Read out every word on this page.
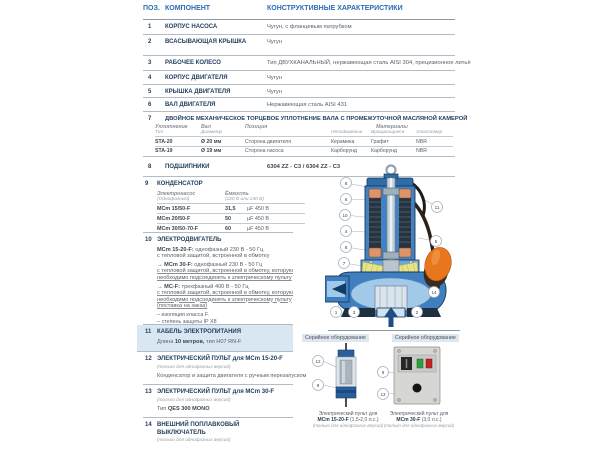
ПОЗ. КОМПОНЕНТ	КОНСТРУКТИВНЫЕ ХАРАКТЕРИСТИКИ
1	КОРПУС НАСОСА	Чугун, с фланцевым патрубком
2	ВСАСЫВАЮЩАЯ КРЫШКА	Чугун
3	РАБОЧЕЕ КОЛЕСО	Тип ДВУХКАНАЛЬНЫЙ, нержавеющая сталь AISI 304, прецизионное литьё
4	КОРПУС ДВИГАТЕЛЯ	Чугун
5	КРЫШКА ДВИГАТЕЛЯ	Чугун
6	ВАЛ ДВИГАТЕЛЯ	Нержавеющая сталь AISI 431
7	ДВОЙНОЕ МЕХАНИЧЕСКОЕ ТОРЦЕВОЕ УПЛОТНЕНИЕ ВАЛА С ПРОМЕЖУТОЧНОЙ МАСЛЯНОЙ КАМЕРОЙ
Уплотнение	Вал	Позиция	Материалы
Тип	Диаметр	Неподвижные	Вращающиеся	Эластомер
STA-20	Ø 20 мм	Сторона двигателя	Керамика	Графит	NBR
STA-19	Ø 19 мм	Сторона насоса	Карборунд	Карборунд	NBR
8	ПОДШИПНИКИ	6304 ZZ - C3 / 6304 ZZ - C3
9	КОНДЕНСАТОР
Электронасос	Ёмкость
(Однофазный)	(220 В или 240 В)
MCm 15/50-F	31,5	µF 450 В
MCm 20/50-F	50	µF 450 В
MCm 30/50-70-F	60	µF 450 В
10 ЭЛЕКТРОДВИГАТЕЛЬ
MCm 15-20-F: однофазный 230 В - 50 Гц
с тепловой защитой, встроенной в обмотку
→ MCm 30-F: однофазный 230 В - 50 Гц
с тепловой защитой, встроенной в обмотку, которую необходимо подсоединять к электрическому пульту
→ MC-F: трехфазный 400 В - 50 Гц
с тепловой защитой, встроенной в обмотку, которую необходимо подсоединять к электрическому пульту (поставка на заказ)
– изоляция класса F.
– степень защиты IP X8
11 КАБЕЛЬ ЭЛЕКТРОПИТАНИЯ
Длина 10 метров, тип H07 RN-F
12 ЭЛЕКТРИЧЕСКИЙ ПУЛЬТ для MCm 15-20-F
(только для однофазных версий)
Конденсатор и защита двигателя с ручным перезапуском
13 ЭЛЕКТРИЧЕСКИЙ ПУЛЬТ для MCm 30-F
(только для однофазных версий)
Тип QES 300 MONO
14 ВНЕШНИЙ ПОПЛАВКОВЫЙ ВЫКЛЮЧАТЕЛЬ
(только для однофазных версий)
8
6
10
4
8
7
1	3	2
11
5
14
Серийное оборудование	Серийное оборудование
12
9
9
13
Электрический пульт для
MCm 15-20-F (1,5-2,0 л.с.)
(только для однофазных версий)
Электрический пульт для
MCm 30-F (3,0 л.с.)
(только для однофазных версий)
